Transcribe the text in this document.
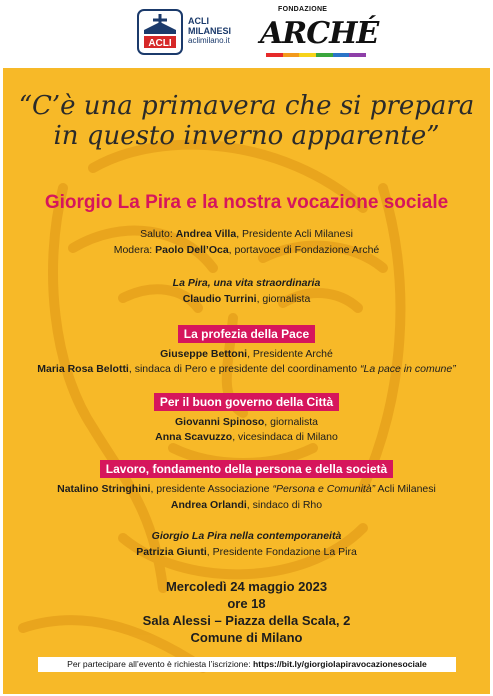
ACLI
ACLI
MILANESI
aclimilano.it
FONDAZIONE
ARCHÉ
“C’è una primavera che si prepara
in questo inverno apparente”
Giorgio La Pira e la nostra vocazione sociale
Saluto: Andrea Villa, Presidente Acli Milanesi
Modera: Paolo Dell’Oca, portavoce di Fondazione Arché
La Pira, una vita straordinaria
Claudio Turrini, giornalista
La profezia della Pace
Giuseppe Bettoni, Presidente Arché
Maria Rosa Belotti, sindaca di Pero e presidente del coordinamento “La pace in comune”
Per il buon governo della Città
Giovanni Spinoso, giornalista
Anna Scavuzzo, vicesindaca di Milano
Lavoro, fondamento della persona e della società
Natalino Stringhini, presidente Associazione “Persona e Comunità” Acli Milanesi
Andrea Orlandi, sindaco di Rho
Giorgio La Pira nella contemporaneità
Patrizia Giunti, Presidente Fondazione La Pira
Mercoledì 24 maggio 2023
ore 18
Sala Alessi – Piazza della Scala, 2
Comune di Milano
Per partecipare all’evento è richiesta l’iscrizione: https://bit.ly/giorgiolapiravocazionesociale
